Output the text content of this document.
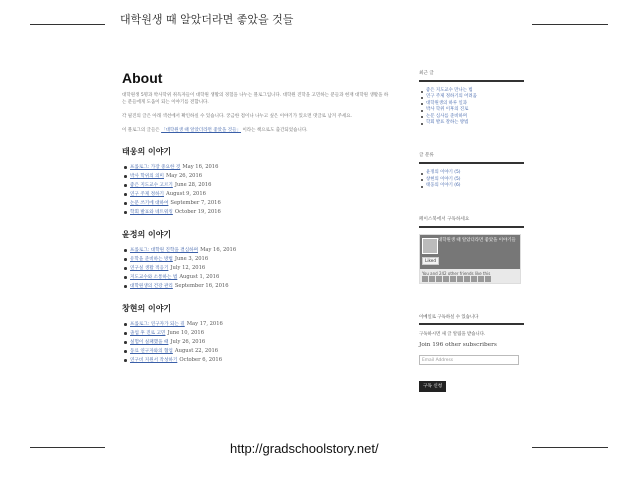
대학원생 때 알았더라면 좋았을 것들
About

대학원생 5명과 박사학위 취득자들이 대학원 생활의 경험을 나누는 블로그입니다. 대학원 진학을 고민하는 분들과 현재 대학원 생활을 하는 분들에게 도움이 되는 이야기를 전합니다.

각 필진의 글은 아래 섹션에서 확인하실 수 있습니다. 궁금한 점이나 나누고 싶은 이야기가 있으면 댓글로 남겨 주세요.

이 블로그의 글들은 「대학원생 때 알았더라면 좋았을 것들」 이라는 책으로도 출간되었습니다.

태웅의 이야기
프롤로그: 가장 중요한 것 May 16, 2016
박사 학위의 의미 May 26, 2016
좋은 지도교수 고르기 June 28, 2016
연구 주제 정하기 August 9, 2016
논문 쓰기에 대하여 September 7, 2016
학회 발표와 네트워킹 October 19, 2016
윤정의 이야기
프롤로그: 대학원 진학을 결심하며 May 16, 2016
유학을 준비하는 방법 June 3, 2016
연구실 생활 적응기 July 12, 2016
지도교수와 소통하는 법 August 1, 2016
대학원생의 건강 관리 September 16, 2016
창현의 이야기
프롤로그: 연구자가 되는 길 May 17, 2016
졸업 후 진로 고민 June 10, 2016
실험이 실패했을 때 July 26, 2016
동료 연구자와의 협업 August 22, 2016
연구비 지원서 작성하기 October 6, 2016
최근 글
좋은 지도교수 만나는 법
연구 주제 정하기의 어려움
대학원생의 하루 일과
박사 학위 이후의 진로
논문 심사를 준비하며
학회 발표 잘하는 방법
글 분류
윤정의 이야기 (5)
창현의 이야기 (5)
태웅의 이야기 (6)
페이스북에서 구독하세요
대학원생 때 알았더라면 좋았을 이야기들
Liked
You and 242 other friends like this
이메일로 구독하실 수 있습니다
구독하시면 새 글 알림을 받습니다.
Join 196 other subscribers
Email Address
구독 신청
http://gradschoolstory.net/
